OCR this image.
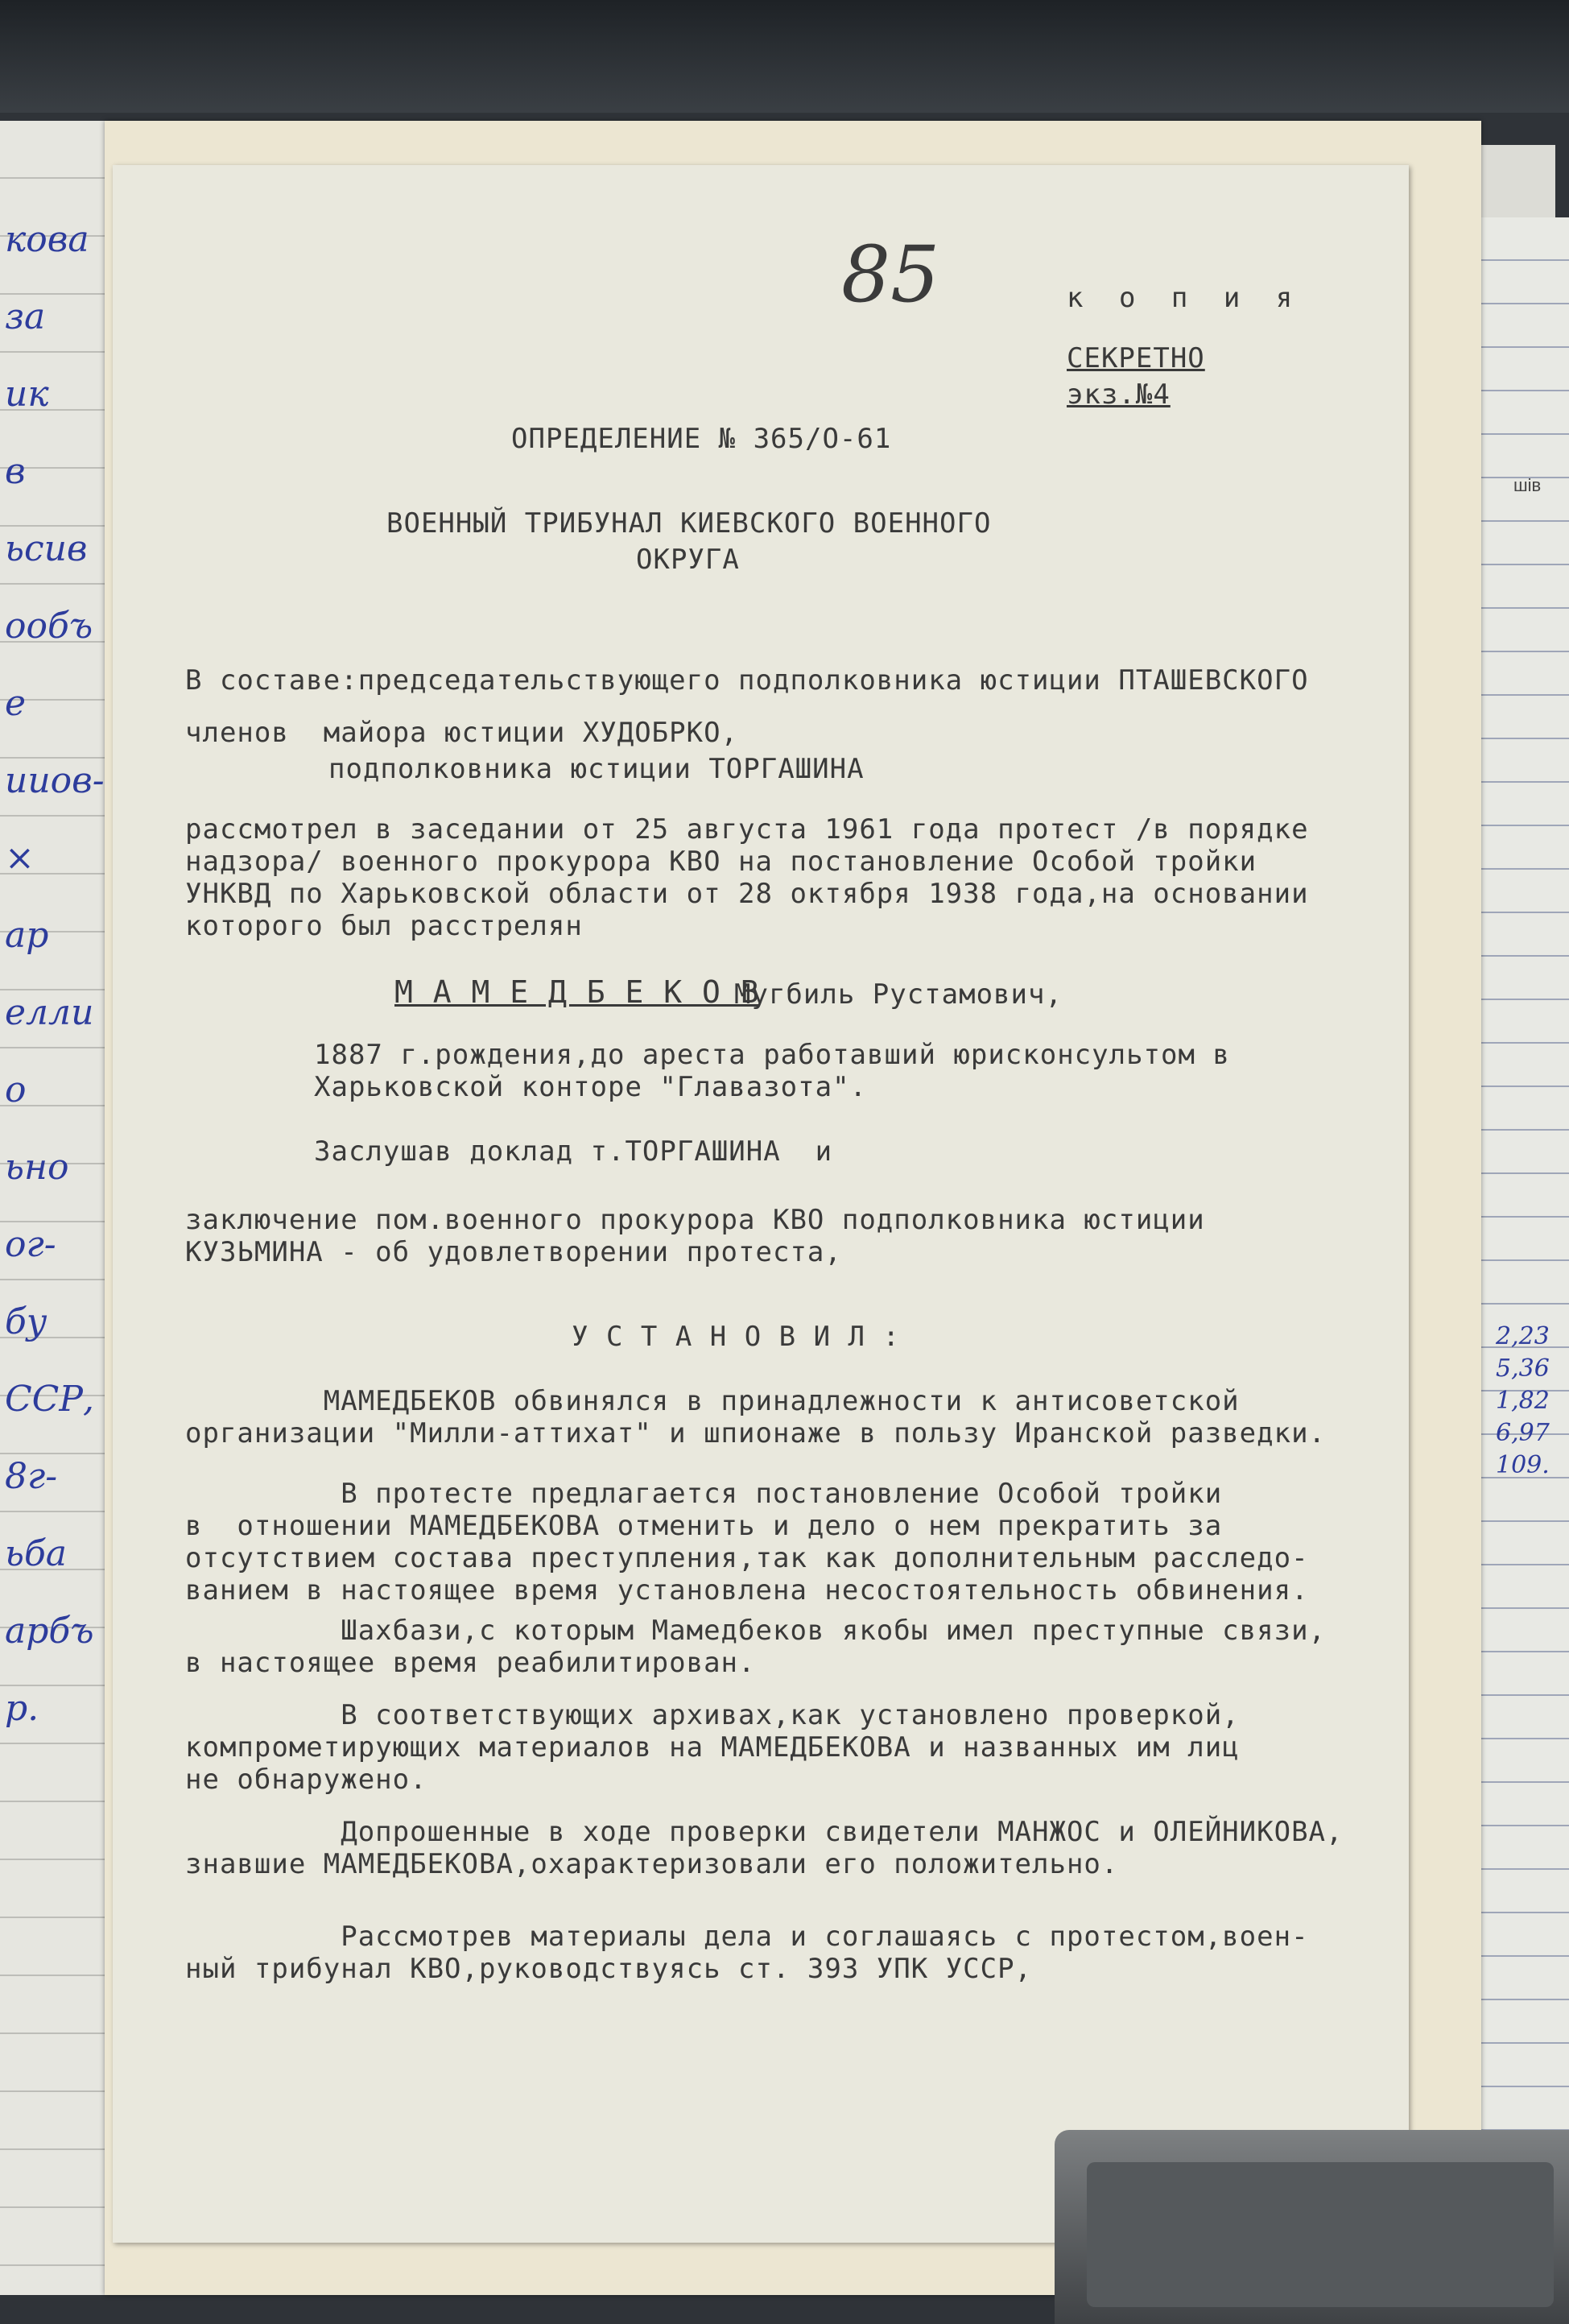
шів
кова
за
ик
в
ьсив
ообъ
е
ииов-
×
ар
елли
о
ьно
ог-
бу
ССР,
8г-
ьба
арбъ
р.
2,23
5,36
1,82
6,97
109.
85	к о п и я
СЕКРЕТНО
экз.№4
ОПРЕДЕЛЕНИЕ № 365/О-61
ВОЕННЫЙ ТРИБУНАЛ КИЕВСКОГО ВОЕННОГО
ОКРУГА
В составе:председательствующего подполковника юстиции ПТАШЕВСКОГО
членов  майора юстиции ХУДОБРКО,
подполковника юстиции ТОРГАШИНА
рассмотрел в заседании от 25 августа 1961 года протест /в порядке
надзора/ военного прокурора КВО на постановление Особой тройки
УНКВД по Харьковской области от 28 октября 1938 года,на основании
которого был расстрелян
М А М Е Д Б Е К О В
Мугбиль Рустамович,
1887 г.рождения,до ареста работавший юрисконсультом в
Харьковской конторе "Главазота".
Заслушав доклад т.ТОРГАШИНА  и
заключение пом.военного прокурора КВО подполковника юстиции
КУЗЬМИНА - об удовлетворении протеста,
У С Т А Н О В И Л :
МАМЕДБЕКОВ обвинялся в принадлежности к антисоветской
организации "Милли-аттихат" и шпионаже в пользу Иранской разведки.
В протесте предлагается постановление Особой тройки
в  отношении МАМЕДБЕКОВА отменить и дело о нем прекратить за
отсутствием состава преступления,так как дополнительным расследо-
ванием в настоящее время установлена несостоятельность обвинения.
Шахбази,с которым Мамедбеков якобы имел преступные связи,
в настоящее время реабилитирован.
В соответствующих архивах,как установлено проверкой,
компрометирующих материалов на МАМЕДБЕКОВА и названных им лиц
не обнаружено.
Допрошенные в ходе проверки свидетели МАНЖОС и ОЛЕЙНИКОВА,
знавшие МАМЕДБЕКОВА,охарактеризовали его положительно.
Рассмотрев материалы дела и соглашаясь с протестом,воен-
ный трибунал КВО,руководствуясь ст. 393 УПК УССР,
